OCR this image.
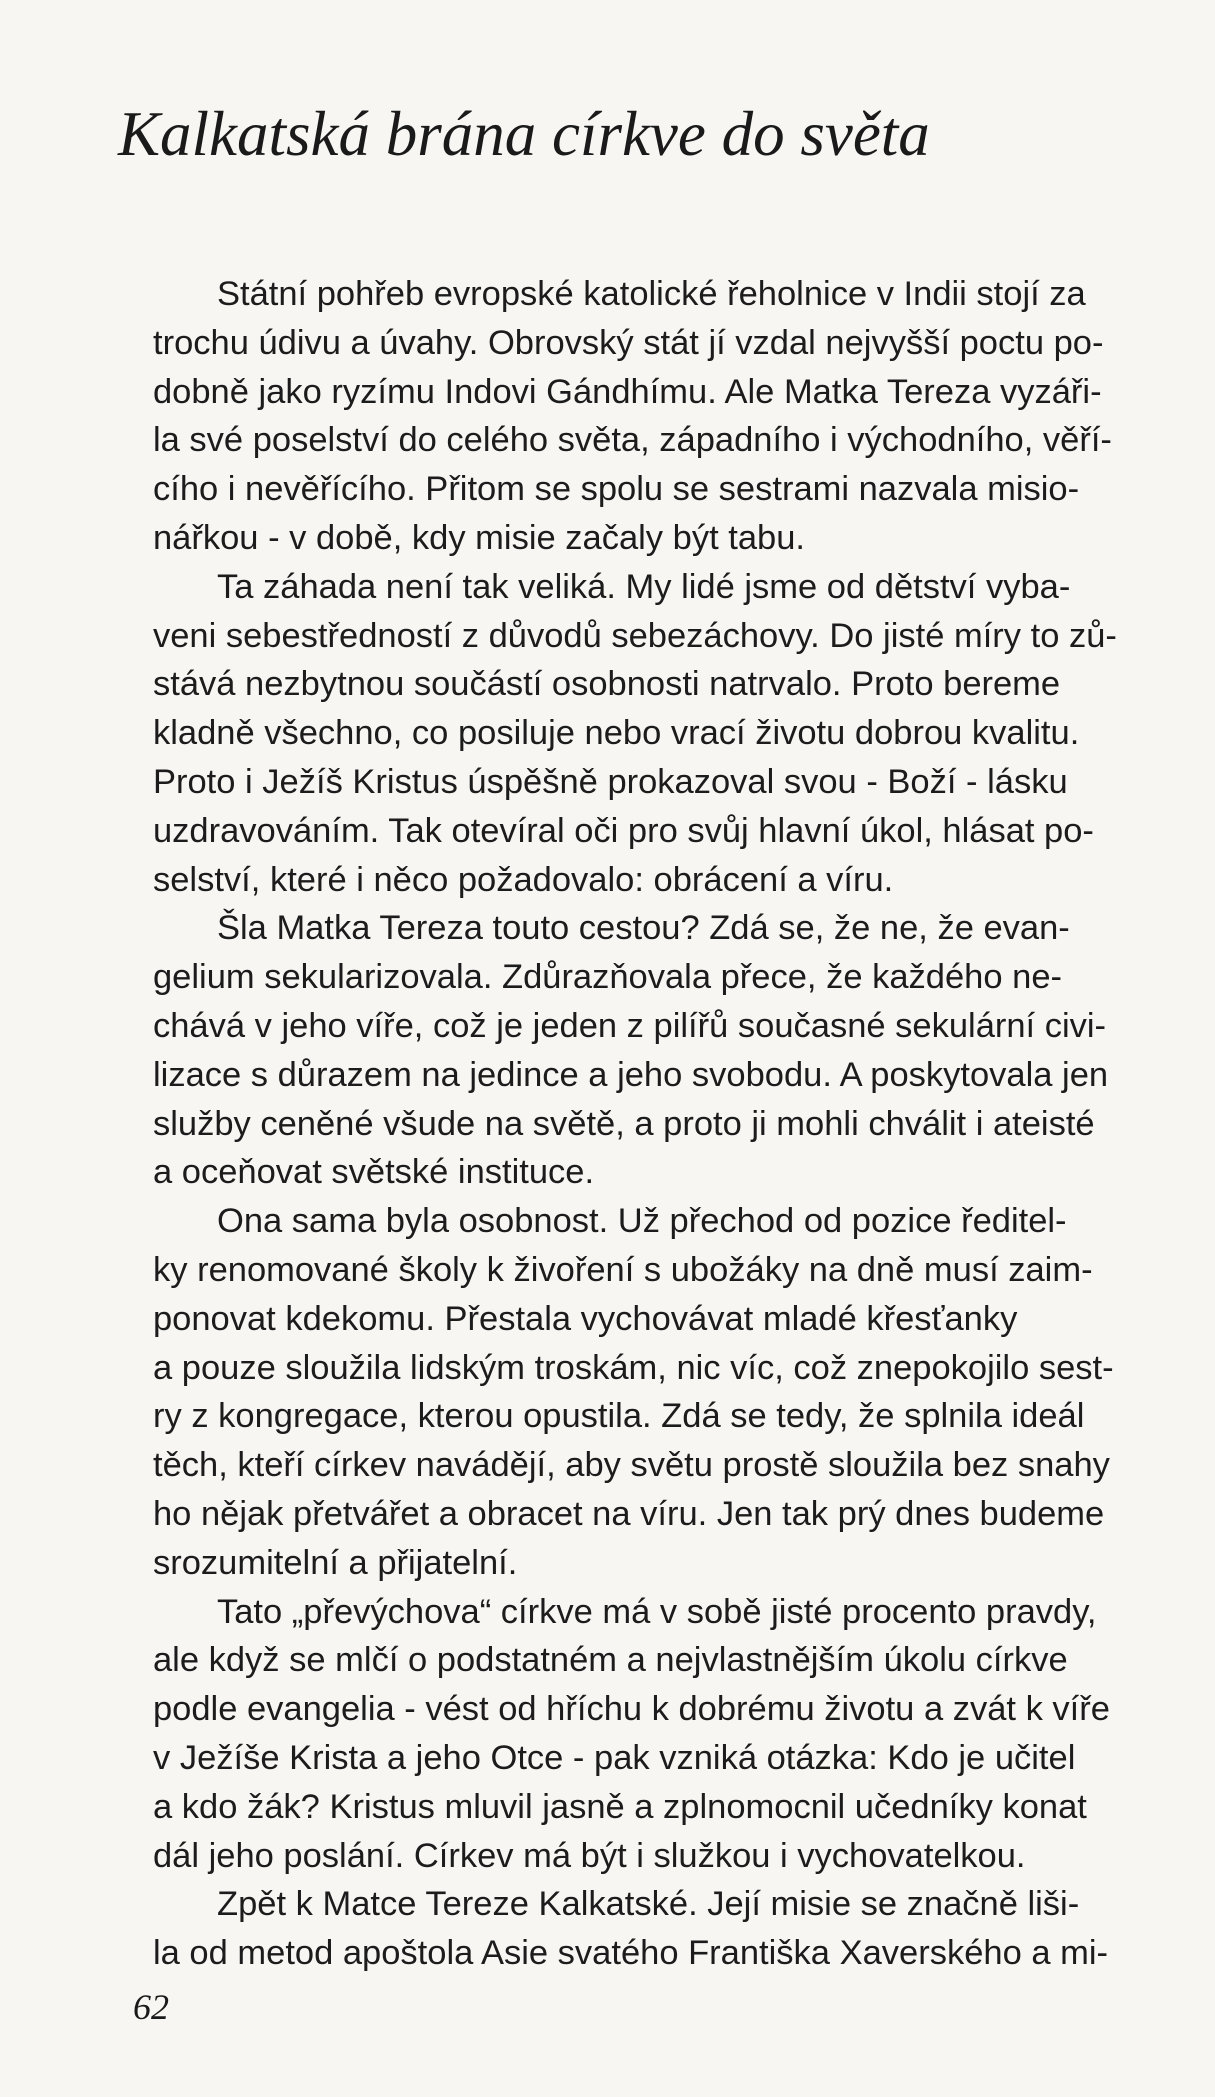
Kalkatská brána církve do světa
Státní pohřeb evropské katolické řeholnice v Indii stojí za
trochu údivu a úvahy. Obrovský stát jí vzdal nejvyšší poctu po-
dobně jako ryzímu Indovi Gándhímu. Ale Matka Tereza vyzáři-
la své poselství do celého světa, západního i východního, věří-
cího i nevěřícího. Přitom se spolu se sestrami nazvala misio-
nářkou - v době, kdy misie začaly být tabu.
Ta záhada není tak veliká. My lidé jsme od dětství vyba-
veni sebestředností z důvodů sebezáchovy. Do jisté míry to zů-
stává nezbytnou součástí osobnosti natrvalo. Proto bereme
kladně všechno, co posiluje nebo vrací životu dobrou kvalitu.
Proto i Ježíš Kristus úspěšně prokazoval svou - Boží - lásku
uzdravováním. Tak otevíral oči pro svůj hlavní úkol, hlásat po-
selství, které i něco požadovalo: obrácení a víru.
Šla Matka Tereza touto cestou? Zdá se, že ne, že evan-
gelium sekularizovala. Zdůrazňovala přece, že každého ne-
chává v jeho víře, což je jeden z pilířů současné sekulární civi-
lizace s důrazem na jedince a jeho svobodu. A poskytovala jen
služby ceněné všude na světě, a proto ji mohli chválit i ateisté
a oceňovat světské instituce.
Ona sama byla osobnost. Už přechod od pozice ředitel-
ky renomované školy k živoření s ubožáky na dně musí zaim-
ponovat kdekomu. Přestala vychovávat mladé křesťanky
a pouze sloužila lidským troskám, nic víc, což znepokojilo sest-
ry z kongregace, kterou opustila. Zdá se tedy, že splnila ideál
těch, kteří církev navádějí, aby světu prostě sloužila bez snahy
ho nějak přetvářet a obracet na víru. Jen tak prý dnes budeme
srozumitelní a přijatelní.
Tato „převýchova“ církve má v sobě jisté procento pravdy,
ale když se mlčí o podstatném a nejvlastnějším úkolu církve
podle evangelia - vést od hříchu k dobrému životu a zvát k víře
v Ježíše Krista a jeho Otce - pak vzniká otázka: Kdo je učitel
a kdo žák? Kristus mluvil jasně a zplnomocnil učedníky konat
dál jeho poslání. Církev má být i služkou i vychovatelkou.
Zpět k Matce Tereze Kalkatské. Její misie se značně liši-
la od metod apoštola Asie svatého Františka Xaverského a mi-
62
